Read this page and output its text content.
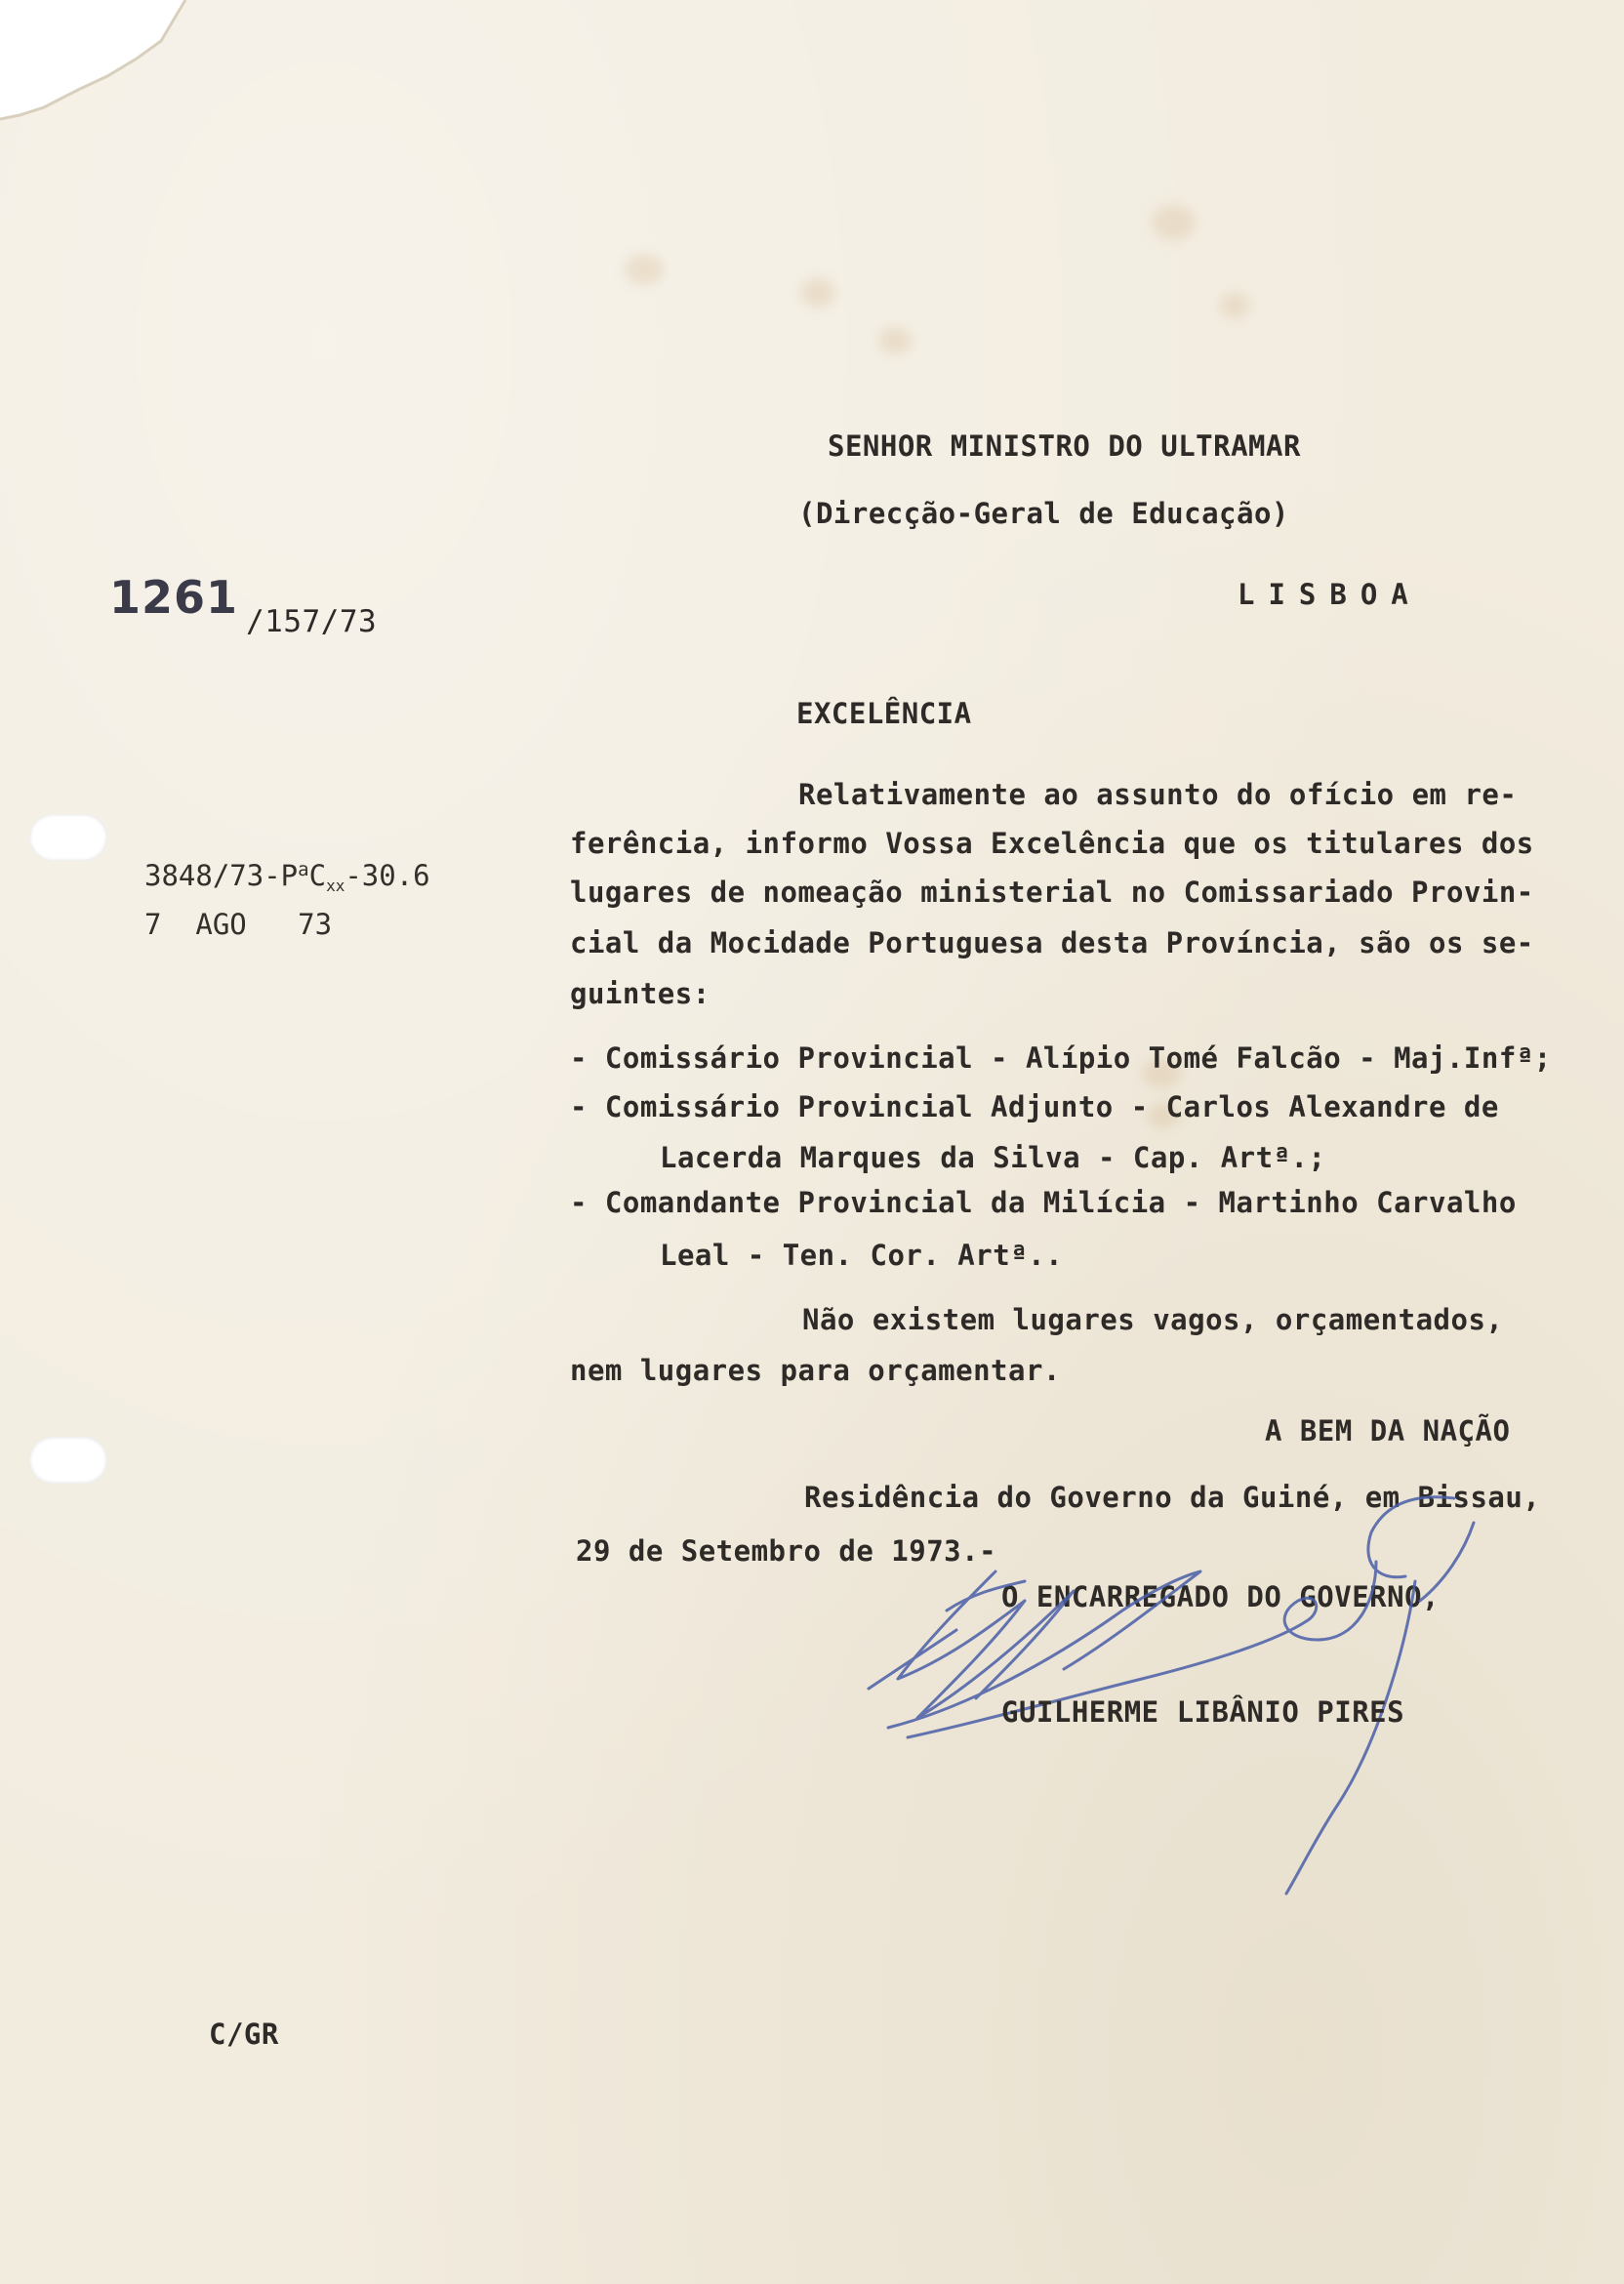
1261 /157/73
$3848/73-P^aC_{xx}-30.6$
7  AGO   73
SENHOR MINISTRO DO ULTRAMAR
(Direcção-Geral de Educação)
LISBOA
EXCELÊNCIA
Relativamente ao assunto do ofício em re-
ferência, informo Vossa Excelência que os titulares dos
lugares de nomeação ministerial no Comissariado Provin-
cial da Mocidade Portuguesa desta Província, são os se-
guintes:
- Comissário Provincial - Alípio Tomé Falcão - Maj.Infª;
- Comissário Provincial Adjunto - Carlos Alexandre de
Lacerda Marques da Silva - Cap. Artª.;
- Comandante Provincial da Milícia - Martinho Carvalho
Leal - Ten. Cor. Artª..
Não existem lugares vagos, orçamentados,
nem lugares para orçamentar.
A BEM DA NAÇÃO
Residência do Governo da Guiné, em Bissau,
29 de Setembro de 1973.-
O ENCARREGADO DO GOVERNO,
GUILHERME LIBÂNIO PIRES
C/GR
